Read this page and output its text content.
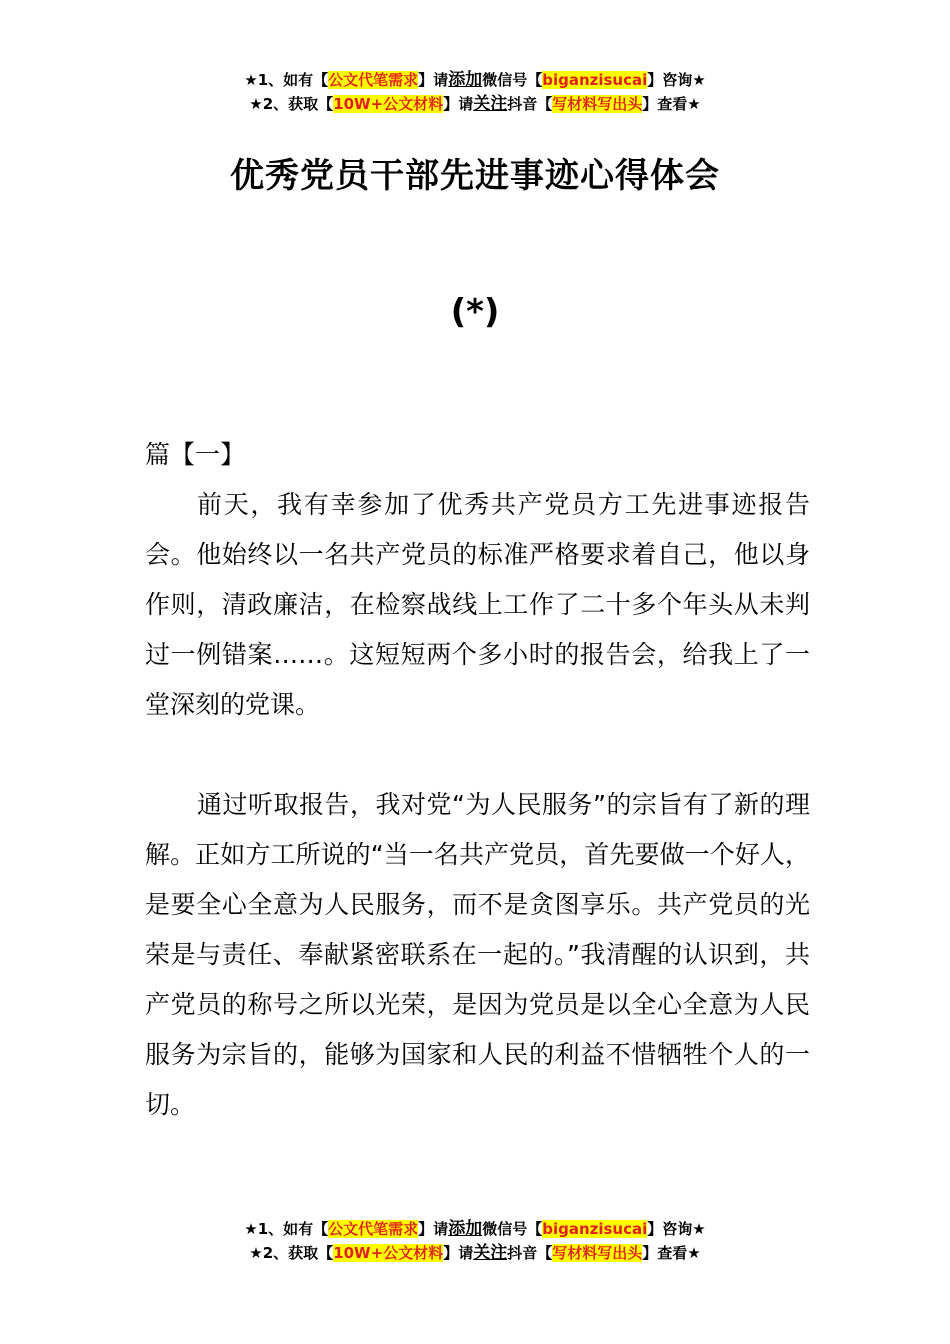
★1、如有【公文代笔需求】请添加微信号【biganzisucai】咨询★
★2、获取【10W+公文材料】请关注抖音【写材料写出头】查看★
优秀党员干部先进事迹心得体会
(*)

篇【一】

前天，我有幸参加了优秀共产党员方工先进事迹报告会。他始终以一名共产党员的标准严格要求着自己，他以身作则，清政廉洁，在检察战线上工作了二十多个年头从未判过一例错案……。这短短两个多小时的报告会，给我上了一堂深刻的党课。

通过听取报告，我对党“为人民服务”的宗旨有了新的理解。正如方工所说的“当一名共产党员，首先要做一个好人，是要全心全意为人民服务，而不是贪图享乐。共产党员的光荣是与责任、奉献紧密联系在一起的。”我清醒的认识到，共产党员的称号之所以光荣，是因为党员是以全心全意为人民服务为宗旨的，能够为国家和人民的利益不惜牺牲个人的一切。

★1、如有【公文代笔需求】请添加微信号【biganzisucai】咨询★
★2、获取【10W+公文材料】请关注抖音【写材料写出头】查看★
